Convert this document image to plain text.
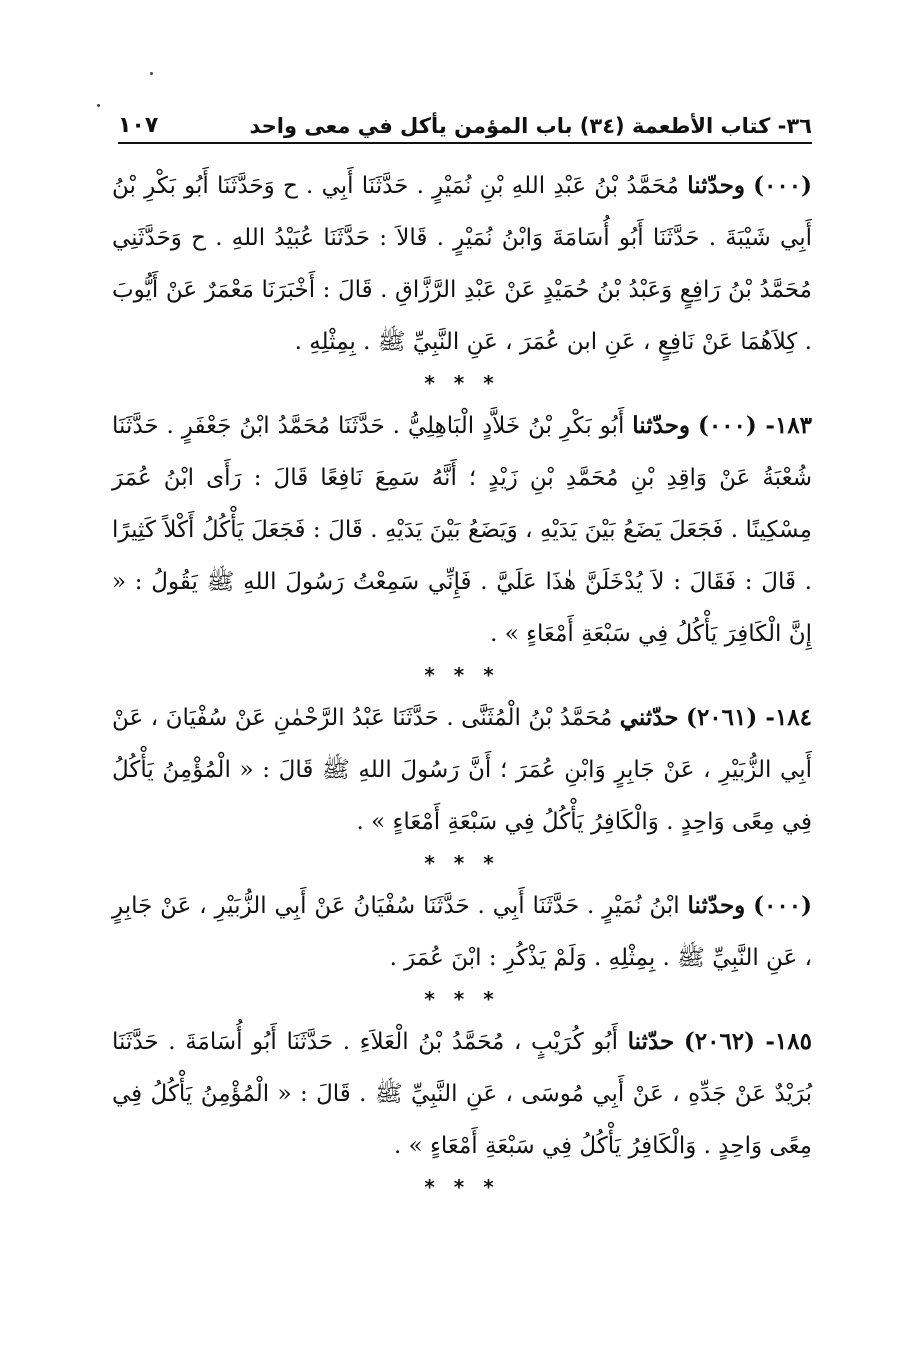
٣٦- كتاب الأطعمة (٣٤) باب المؤمن يأكل في معى واحد
١٠٧

(٠٠٠) وحدّثنا مُحَمَّدُ بْنُ عَبْدِ اللهِ بْنِ نُمَيْرٍ . حَدَّثَنَا أَبِي . ح وَحَدَّثَنَا أَبُو بَكْرِ بْنُ أَبِي شَيْبَةَ . حَدَّثَنَا أَبُو أُسَامَةَ وَابْنُ نُمَيْرٍ . قَالاَ : حَدَّثَنَا عُبَيْدُ اللهِ . ح وَحَدَّثَنِي مُحَمَّدُ بْنُ رَافِعٍ وَعَبْدُ بْنُ حُمَيْدٍ عَنْ عَبْدِ الرَّزَّاقِ . قَالَ : أَخْبَرَنَا مَعْمَرٌ عَنْ أَيُّوبَ . كِلاَهُمَا عَنْ نَافِعٍ ، عَنِ ابن عُمَرَ ، عَنِ النَّبِيِّ ﷺ . بِمِثْلِهِ .

* * *

١٨٣- (٠٠٠) وحدّثنا أَبُو بَكْرِ بْنُ خَلاَّدٍ الْبَاهِلِيُّ . حَدَّثَنَا مُحَمَّدُ ابْنُ جَعْفَرٍ . حَدَّثَنَا شُعْبَةُ عَنْ وَاقِدِ بْنِ مُحَمَّدِ بْنِ زَيْدٍ ؛ أَنَّهُ سَمِعَ نَافِعًا قَالَ : رَأَى ابْنُ عُمَرَ مِسْكِينًا . فَجَعَلَ يَضَعُ بَيْنَ يَدَيْهِ ، وَيَضَعُ بَيْنَ يَدَيْهِ . قَالَ : فَجَعَلَ يَأْكُلُ أَكْلاً كَثِيرًا . قَالَ : فَقَالَ : لاَ يُدْخَلَنَّ هٰذَا عَلَيَّ . فَإِنِّي سَمِعْتُ رَسُولَ اللهِ ﷺ يَقُولُ : « إِنَّ الْكَافِرَ يَأْكُلُ فِي سَبْعَةِ أَمْعَاءٍ » .

* * *

١٨٤- (٢٠٦١) حدّثني مُحَمَّدُ بْنُ الْمُثَنَّى . حَدَّثَنَا عَبْدُ الرَّحْمٰنِ عَنْ سُفْيَانَ ، عَنْ أَبِي الزُّبَيْرِ ، عَنْ جَابِرٍ وَابْنِ عُمَرَ ؛ أَنَّ رَسُولَ اللهِ ﷺ قَالَ : « الْمُؤْمِنُ يَأْكُلُ فِي مِعًى وَاحِدٍ . وَالْكَافِرُ يَأْكُلُ فِي سَبْعَةِ أَمْعَاءٍ » .

* * *

(٠٠٠) وحدّثنا ابْنُ نُمَيْرٍ . حَدَّثَنَا أَبِي . حَدَّثَنَا سُفْيَانُ عَنْ أَبِي الزُّبَيْرِ ، عَنْ جَابِرٍ ، عَنِ النَّبِيِّ ﷺ . بِمِثْلِهِ . وَلَمْ يَذْكُرِ : ابْنَ عُمَرَ .

* * *

١٨٥- (٢٠٦٢) حدّثنا أَبُو كُرَيْبٍ ، مُحَمَّدُ بْنُ الْعَلاَءِ . حَدَّثَنَا أَبُو أُسَامَةَ . حَدَّثَنَا بُرَيْدٌ عَنْ جَدِّهِ ، عَنْ أَبِي مُوسَى ، عَنِ النَّبِيِّ ﷺ . قَالَ : « الْمُؤْمِنُ يَأْكُلُ فِي مِعًى وَاحِدٍ . وَالْكَافِرُ يَأْكُلُ فِي سَبْعَةِ أَمْعَاءٍ » .

* * *
